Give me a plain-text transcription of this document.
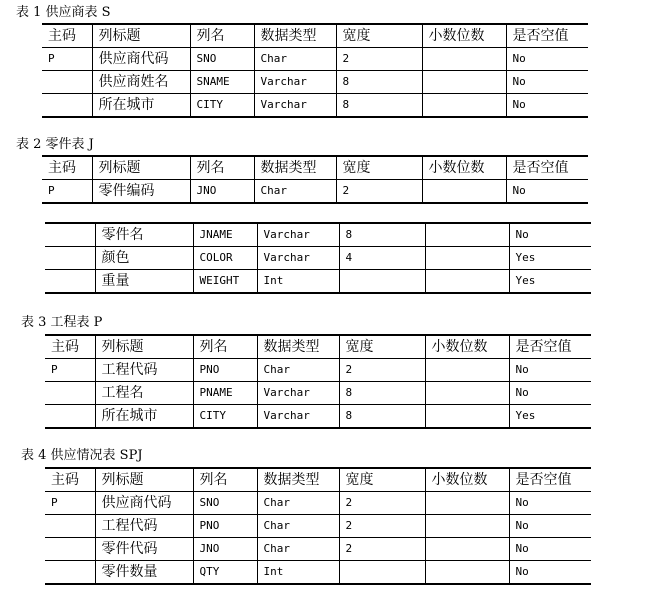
表 1 供应商表 S
主码	列标题	列名	数据类型	宽度	小数位数	是否空值
P	供应商代码	SNO	Char	2		No
	供应商姓名	SNAME	Varchar	8		No
	所在城市	CITY	Varchar	8		No
表 2 零件表 J
主码	列标题	列名	数据类型	宽度	小数位数	是否空值
P	零件编码	JNO	Char	2		No
	零件名	JNAME	Varchar	8		No
	颜色	COLOR	Varchar	4		Yes
	重量	WEIGHT	Int			Yes
表 3 工程表 P
主码	列标题	列名	数据类型	宽度	小数位数	是否空值
P	工程代码	PNO	Char	2		No
	工程名	PNAME	Varchar	8		No
	所在城市	CITY	Varchar	8		Yes
表 4 供应情况表 SPJ
主码	列标题	列名	数据类型	宽度	小数位数	是否空值
P	供应商代码	SNO	Char	2		No
	工程代码	PNO	Char	2		No
	零件代码	JNO	Char	2		No
	零件数量	QTY	Int			No
